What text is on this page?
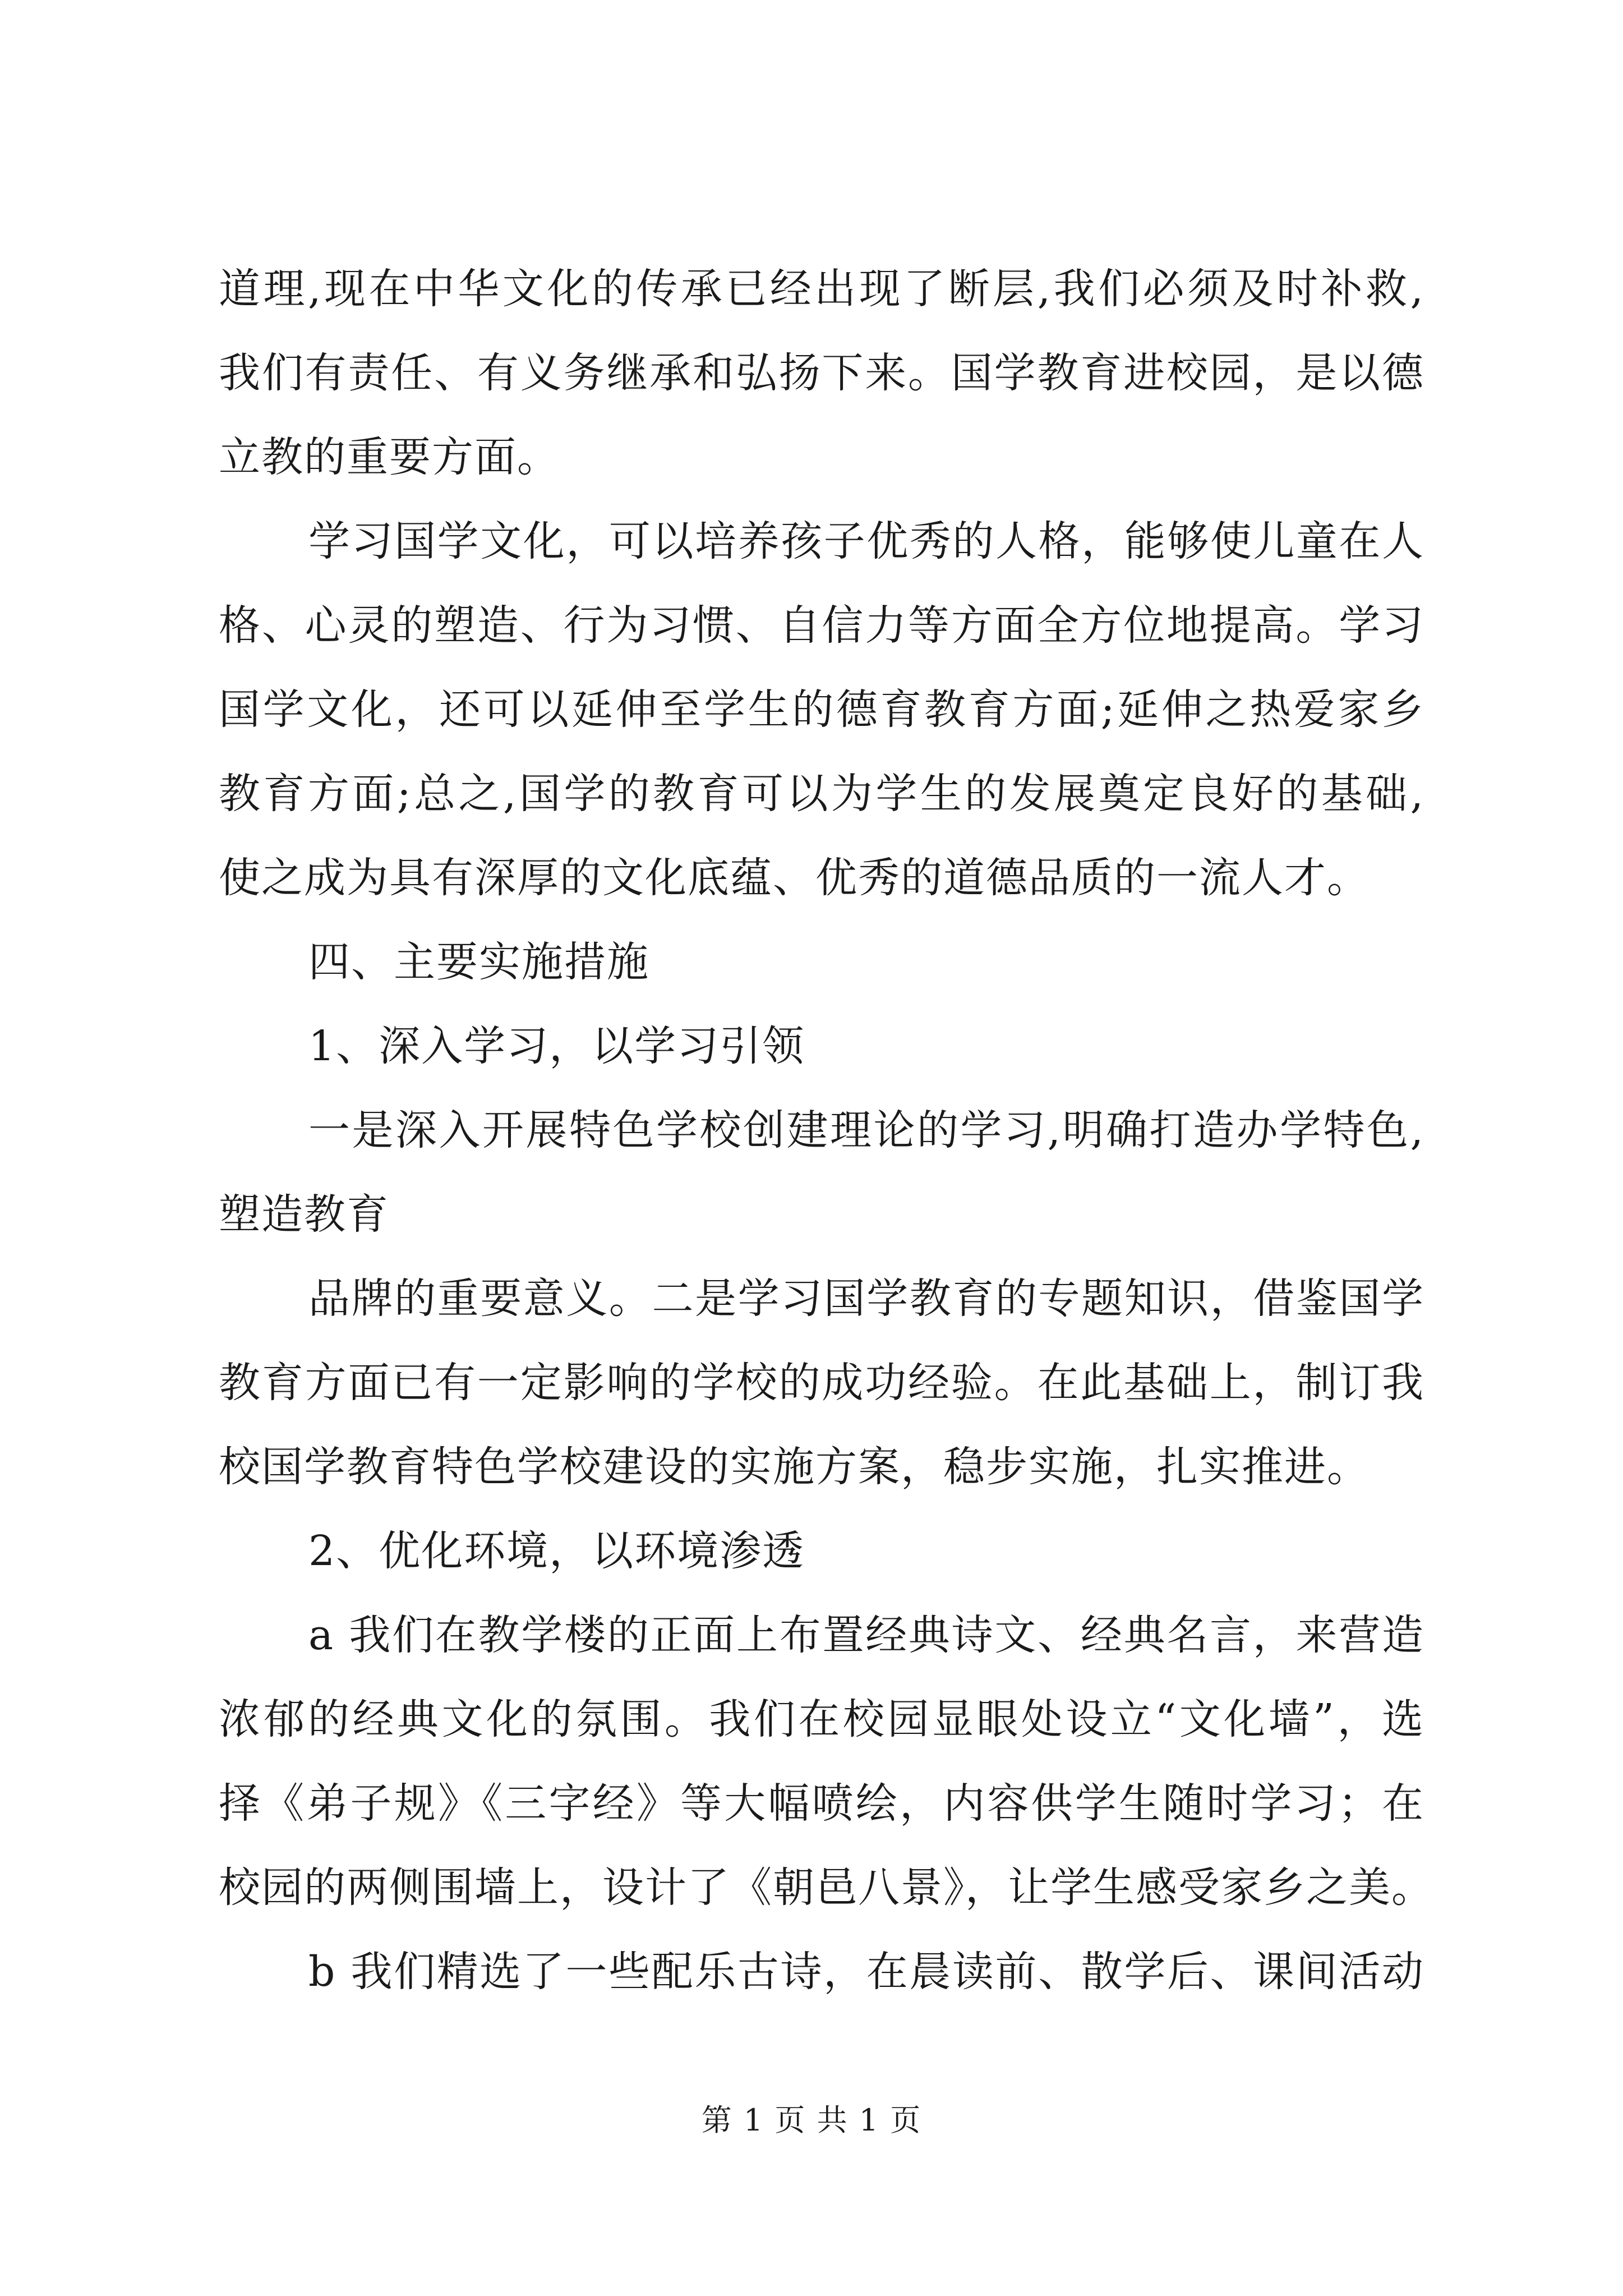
道理,现在中华文化的传承已经出现了断层,我们必须及时补救,
我们有责任、有义务继承和弘扬下来。国学教育进校园，是以德
立教的重要方面。
学习国学文化，可以培养孩子优秀的人格，能够使儿童在人
格、心灵的塑造、行为习惯、自信力等方面全方位地提高。学习
国学文化，还可以延伸至学生的德育教育方面;延伸之热爱家乡
教育方面;总之,国学的教育可以为学生的发展奠定良好的基础,
使之成为具有深厚的文化底蕴、优秀的道德品质的一流人才。
四、主要实施措施
1、深入学习，以学习引领
一是深入开展特色学校创建理论的学习,明确打造办学特色,
塑造教育
品牌的重要意义。二是学习国学教育的专题知识，借鉴国学
教育方面已有一定影响的学校的成功经验。在此基础上，制订我
校国学教育特色学校建设的实施方案，稳步实施，扎实推进。
2、优化环境，以环境渗透
a 我们在教学楼的正面上布置经典诗文、经典名言，来营造
浓郁的经典文化的氛围。我们在校园显眼处设立“文化墙”，选
择《弟子规》《三字经》等大幅喷绘，内容供学生随时学习；在
校园的两侧围墙上，设计了《朝邑八景》，让学生感受家乡之美。
b 我们精选了一些配乐古诗，在晨读前、散学后、课间活动
第 1 页 共 1 页
